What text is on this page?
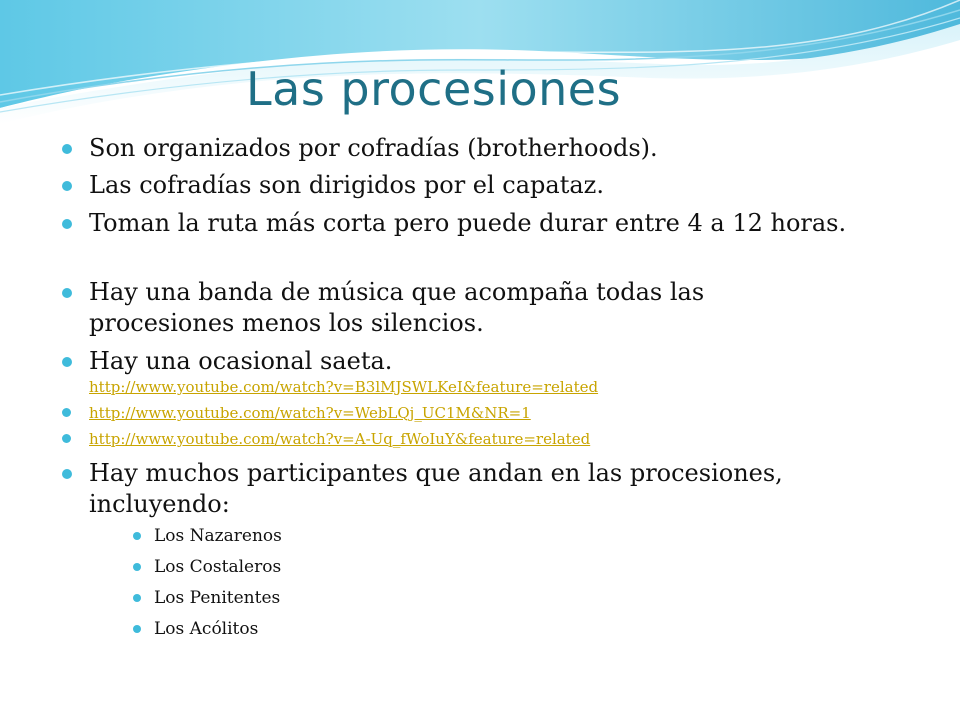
Las procesiones
Son organizados por cofradías (brotherhoods).
Las cofradías son dirigidos por el capataz.
Toman la ruta más corta pero puede durar entre 4 a 12 horas.
Hay una banda de música que acompaña todas las procesiones menos los silencios.
Hay una ocasional saeta.
http://www.youtube.com/watch?v=B3lMJSWLKeI&feature=related
http://www.youtube.com/watch?v=WebLQj_UC1M&NR=1
http://www.youtube.com/watch?v=A-Uq_fWoIuY&feature=related
Hay muchos participantes que andan en las procesiones, incluyendo:
Los Nazarenos
Los Costaleros
Los Penitentes
Los Acólitos
